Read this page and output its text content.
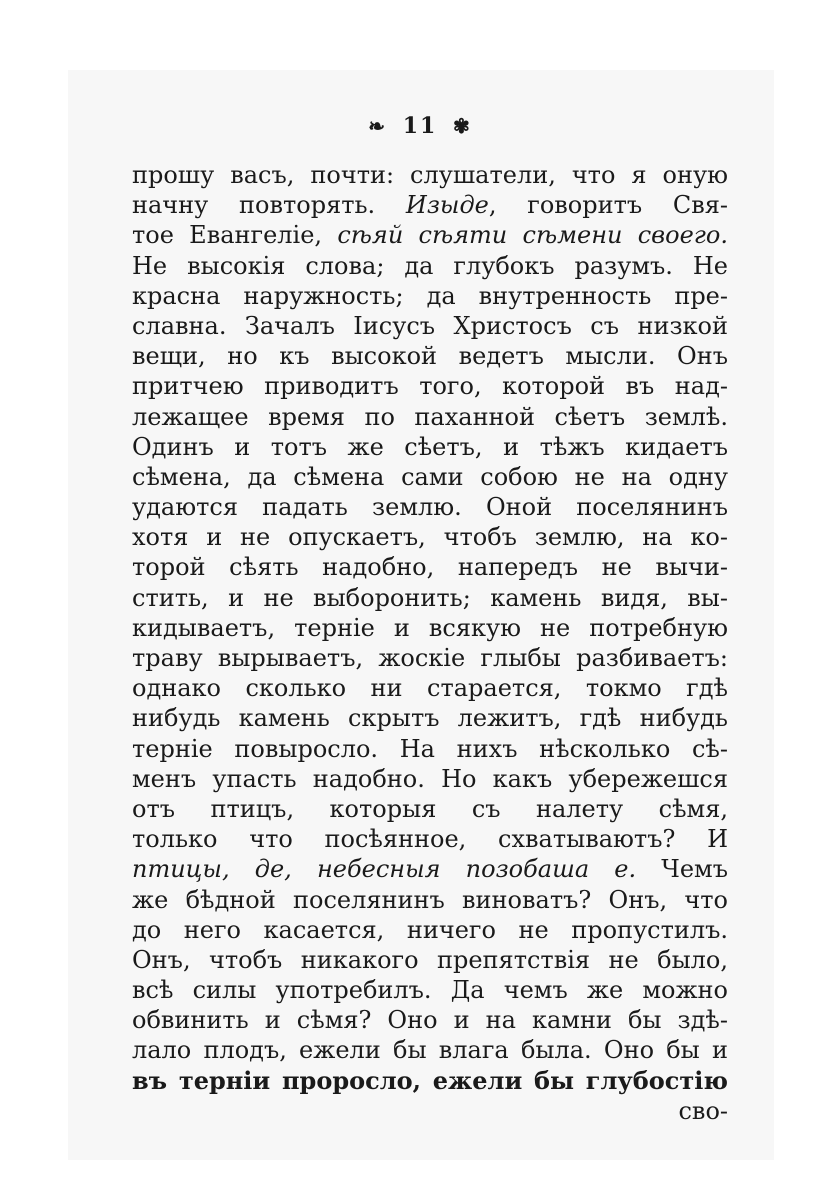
❧ 11 ✾
прошу васъ, почти: слушатели, что я оную
начну повторять. Изыде, говоритъ Свя-
тое Евангеліе, сѣяй сѣяти сѣмени своего.
Не высокія слова; да глубокъ разумъ. Не
красна наружность; да внутренность пре-
славна. Зачалъ Іисусъ Христосъ съ низкой
вещи, но къ высокой ведетъ мысли. Онъ
притчею приводитъ того, которой въ над-
лежащее время по паханной сѣетъ землѣ.
Одинъ и тотъ же сѣетъ, и тѣжъ кидаетъ
сѣмена, да сѣмена сами собою не на одну
удаются падать землю. Оной поселянинъ
хотя и не опускаетъ, чтобъ землю, на ко-
торой сѣять надобно, напередъ не вычи-
стить, и не выборонить; камень видя, вы-
кидываетъ, терніе и всякую не потребную
траву вырываетъ, жоскіе глыбы разбиваетъ:
однако сколько ни старается, токмо гдѣ
нибудь камень скрытъ лежитъ, гдѣ нибудь
терніе повыросло. На нихъ нѣсколько сѣ-
менъ упасть надобно. Но какъ убережешся
отъ птицъ, которыя съ налету сѣмя,
только что посѣянное, схватываютъ? И
птицы, де, небесныя позобаша е. Чемъ
же бѣдной поселянинъ виноватъ? Онъ, что
до него касается, ничего не пропустилъ.
Онъ, чтобъ никакого препятствія не было,
всѣ силы употребилъ. Да чемъ же можно
обвинить и сѣмя? Оно и на камни бы здѣ-
лало плодъ, ежели бы влага была. Оно бы и
въ терніи проросло, ежели бы глубостію
сво-
